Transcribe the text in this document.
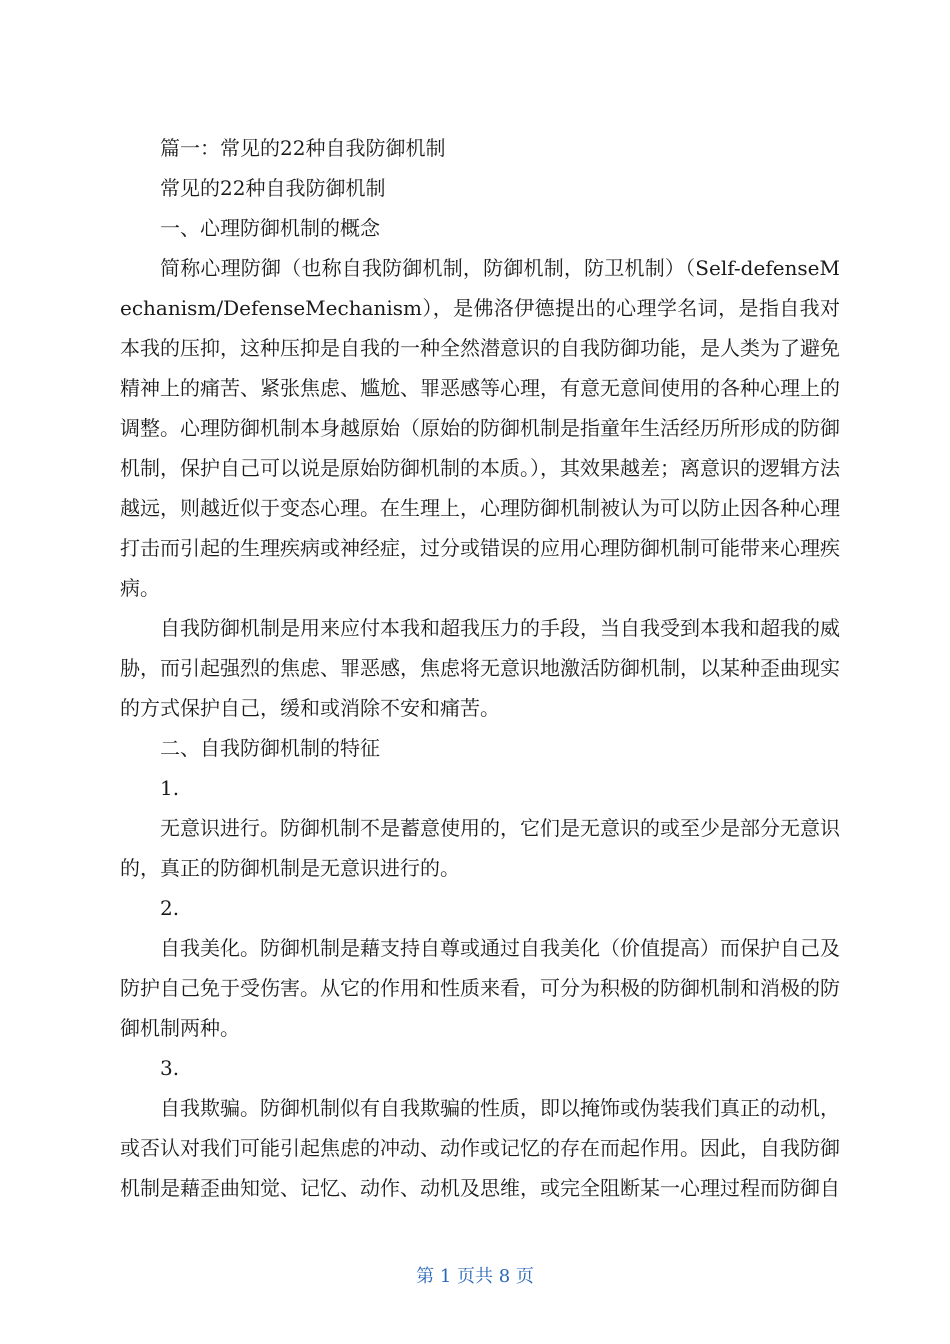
篇一：常见的22种自我防御机制

常见的22种自我防御机制

一、心理防御机制的概念

简称心理防御（也称自我防御机制，防御机制，防卫机制）（Self-defenseMechanism/DefenseMechanism），是佛洛伊德提出的心理学名词，是指自我对本我的压抑，这种压抑是自我的一种全然潜意识的自我防御功能，是人类为了避免精神上的痛苦、紧张焦虑、尴尬、罪恶感等心理，有意无意间使用的各种心理上的调整。心理防御机制本身越原始（原始的防御机制是指童年生活经历所形成的防御机制，保护自己可以说是原始防御机制的本质。），其效果越差；离意识的逻辑方法越远，则越近似于变态心理。在生理上，心理防御机制被认为可以防止因各种心理打击而引起的生理疾病或神经症，过分或错误的应用心理防御机制可能带来心理疾病。

自我防御机制是用来应付本我和超我压力的手段，当自我受到本我和超我的威胁，而引起强烈的焦虑、罪恶感，焦虑将无意识地激活防御机制，以某种歪曲现实的方式保护自己，缓和或消除不安和痛苦。

二、自我防御机制的特征

1.

无意识进行。防御机制不是蓄意使用的，它们是无意识的或至少是部分无意识的，真正的防御机制是无意识进行的。

2.

自我美化。防御机制是藉支持自尊或通过自我美化（价值提高）而保护自己及防护自己免于受伤害。从它的作用和性质来看，可分为积极的防御机制和消极的防御机制两种。

3.

自我欺骗。防御机制似有自我欺骗的性质，即以掩饰或伪装我们真正的动机，或否认对我们可能引起焦虑的冲动、动作或记忆的存在而起作用。因此，自我防御机制是藉歪曲知觉、记忆、动作、动机及思维，或完全阻断某一心理过程而防御自

第 1 页共 8 页
